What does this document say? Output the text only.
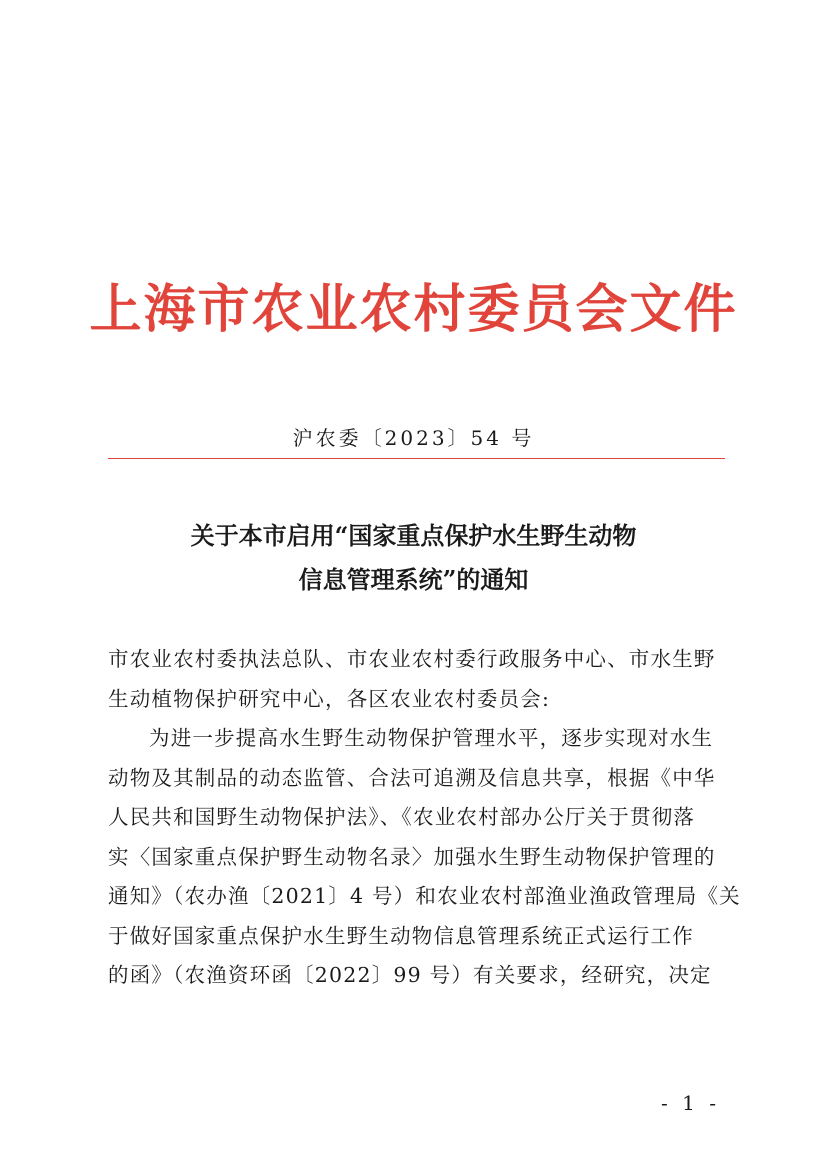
上海市农业农村委员会文件
沪农委〔2023〕54 号
关于本市启用“国家重点保护水生野生动物
信息管理系统”的通知
市农业农村委执法总队、市农业农村委行政服务中心、市水生野
生动植物保护研究中心，各区农业农村委员会:
为进一步提高水生野生动物保护管理水平，逐步实现对水生
动物及其制品的动态监管、合法可追溯及信息共享，根据《中华
人民共和国野生动物保护法》、《农业农村部办公厅关于贯彻落
实〈国家重点保护野生动物名录〉加强水生野生动物保护管理的
通知》（农办渔〔2021〕4 号）和农业农村部渔业渔政管理局《关
于做好国家重点保护水生野生动物信息管理系统正式运行工作
的函》（农渔资环函〔2022〕99 号）有关要求，经研究，决定
- 1 -
